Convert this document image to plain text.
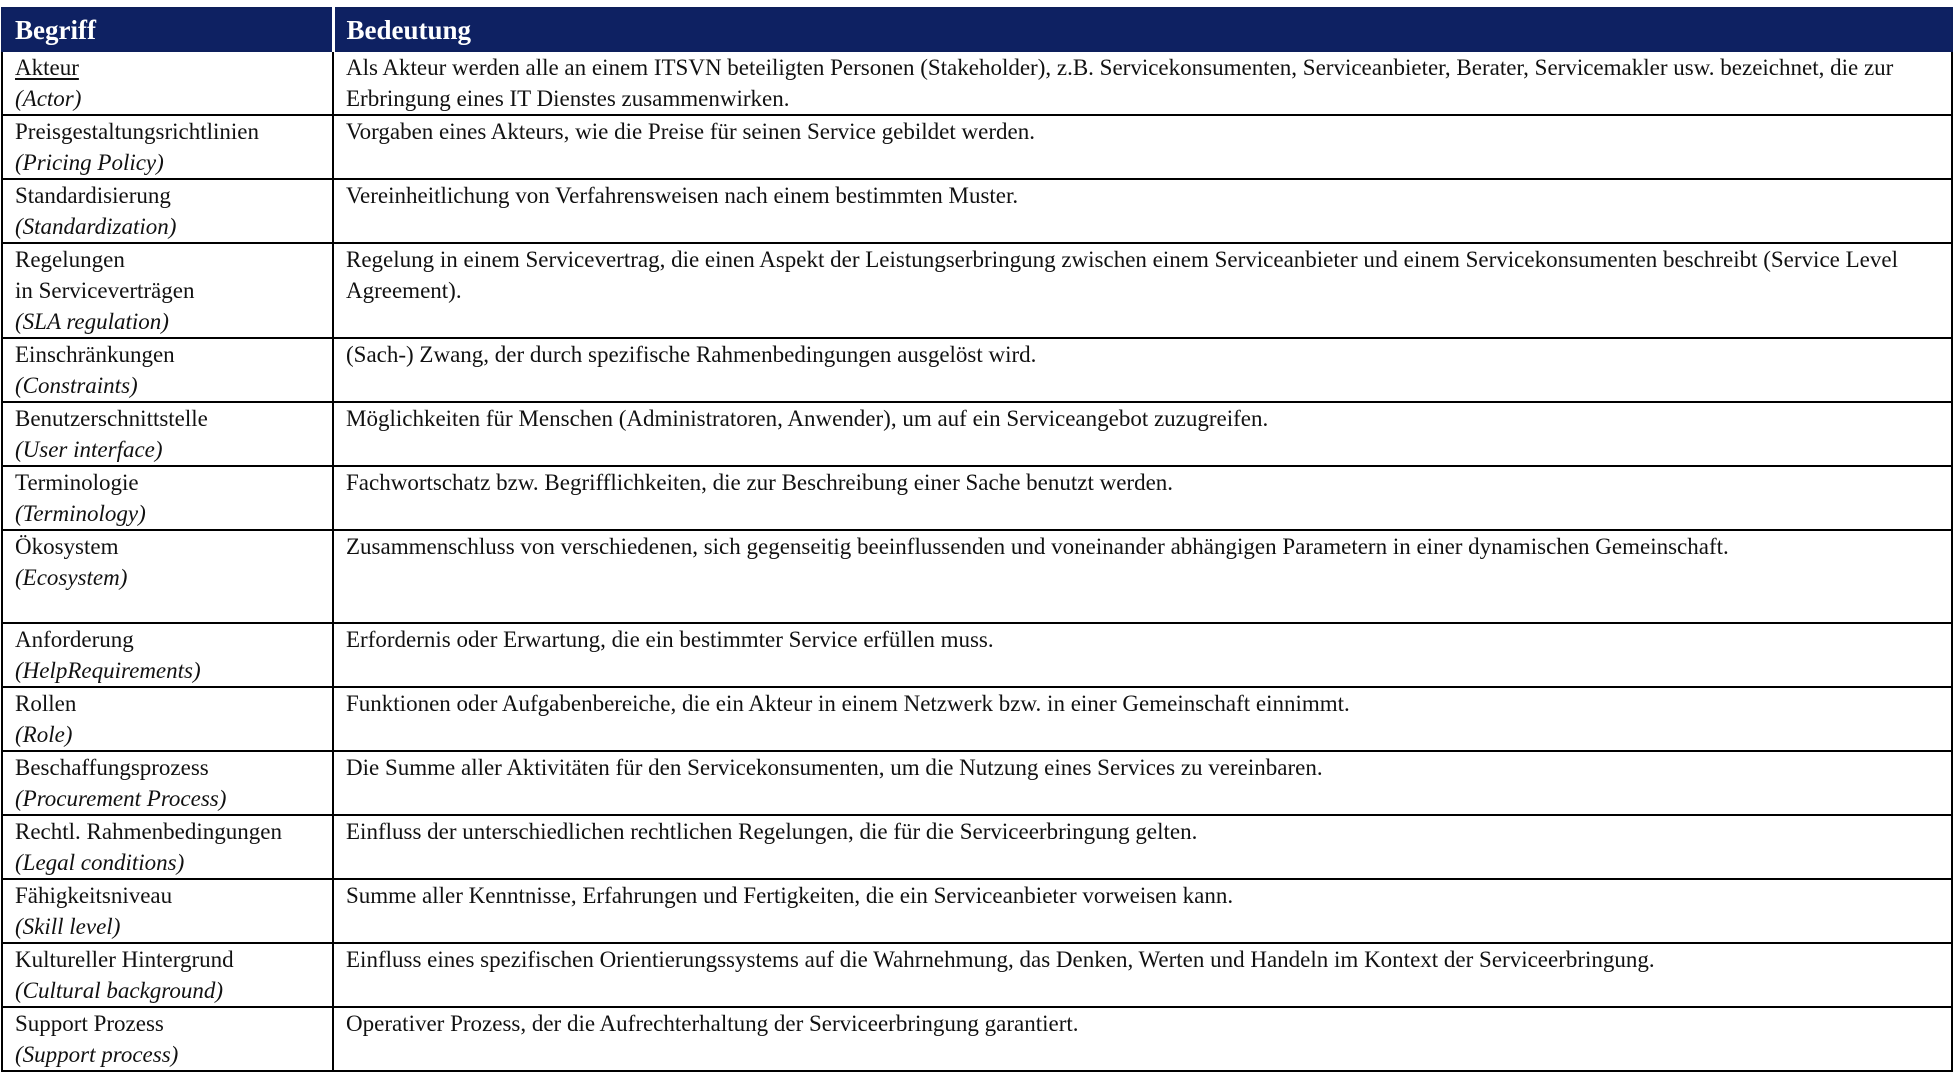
Begriff	Bedeutung

Akteur
(Actor)	Als Akteur werden alle an einem ITSVN beteiligten Personen (Stakeholder), z.B. Servicekonsumenten, Serviceanbieter, Berater, Servicemakler usw. bezeichnet, die zur Erbringung eines IT Dienstes zusammenwirken.

Preisgestaltungsrichtlinien
(Pricing Policy)	Vorgaben eines Akteurs, wie die Preise für seinen Service gebildet werden.

Standardisierung
(Standardization)	Vereinheitlichung von Verfahrensweisen nach einem bestimmten Muster.

Regelungen
in Serviceverträgen
(SLA regulation)	Regelung in einem Servicevertrag, die einen Aspekt der Leistungserbringung zwischen einem Serviceanbieter und einem Servicekonsumenten beschreibt (Service Level Agreement).

Einschränkungen
(Constraints)	(Sach-) Zwang, der durch spezifische Rahmenbedingungen ausgelöst wird.

Benutzerschnittstelle
(User interface)	Möglichkeiten für Menschen (Administratoren, Anwender), um auf ein Serviceangebot zuzugreifen.

Terminologie
(Terminology)	Fachwortschatz bzw. Begrifflichkeiten, die zur Beschreibung einer Sache benutzt werden.

Ökosystem
(Ecosystem)	Zusammenschluss von verschiedenen, sich gegenseitig beeinflussenden und voneinander abhängigen Parametern in einer dynamischen Gemeinschaft.

Anforderung
(HelpRequirements)	Erfordernis oder Erwartung, die ein bestimmter Service erfüllen muss.

Rollen
(Role)	Funktionen oder Aufgabenbereiche, die ein Akteur in einem Netzwerk bzw. in einer Gemeinschaft einnimmt.

Beschaffungsprozess
(Procurement Process)	Die Summe aller Aktivitäten für den Servicekonsumenten, um die Nutzung eines Services zu vereinbaren.

Rechtl. Rahmenbedingungen
(Legal conditions)	Einfluss der unterschiedlichen rechtlichen Regelungen, die für die Serviceerbringung gelten.

Fähigkeitsniveau
(Skill level)	Summe aller Kenntnisse, Erfahrungen und Fertigkeiten, die ein Serviceanbieter vorweisen kann.

Kultureller Hintergrund
(Cultural background)	Einfluss eines spezifischen Orientierungssystems auf die Wahrnehmung, das Denken, Werten und Handeln im Kontext der Serviceerbringung.

Support Prozess
(Support process)	Operativer Prozess, der die Aufrechterhaltung der Serviceerbringung garantiert.
